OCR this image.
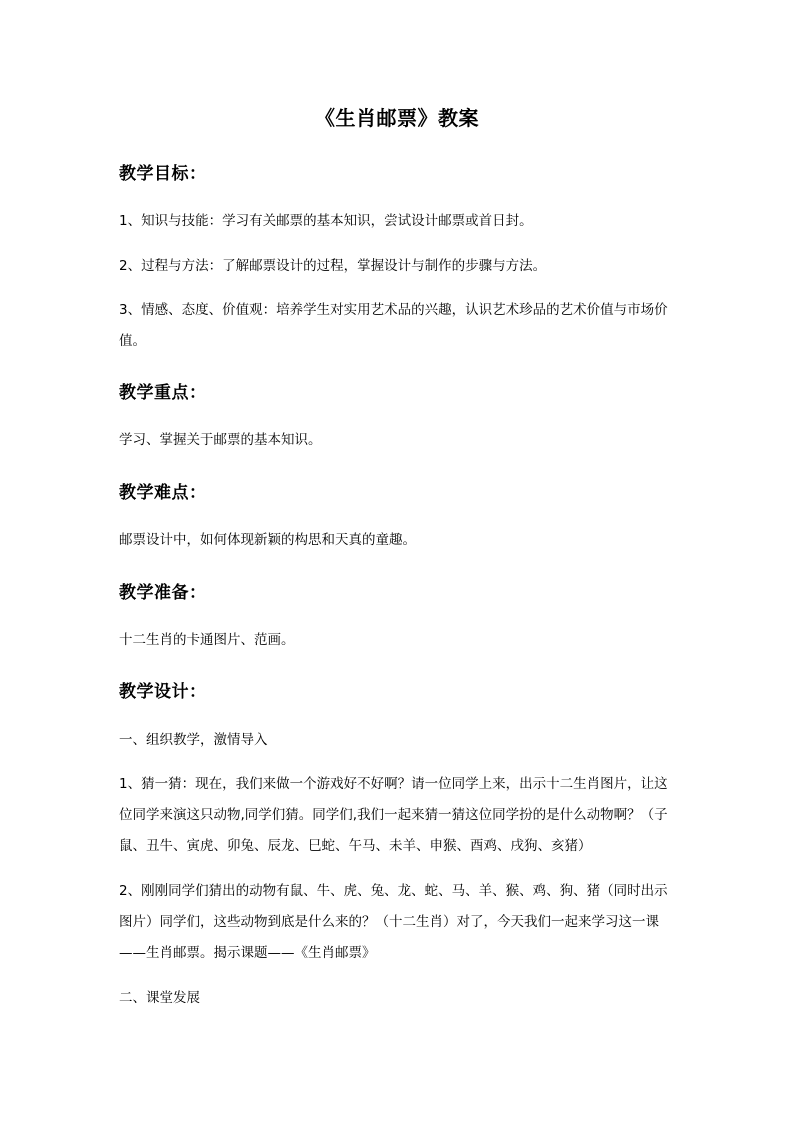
《生肖邮票》教案
教学目标：
1、知识与技能：学习有关邮票的基本知识，尝试设计邮票或首日封。
2、过程与方法：了解邮票设计的过程，掌握设计与制作的步骤与方法。
3、情感、态度、价值观：培养学生对实用艺术品的兴趣，认识艺术珍品的艺术价值与市场价值。
教学重点：
学习、掌握关于邮票的基本知识。
教学难点：
邮票设计中，如何体现新颖的构思和天真的童趣。
教学准备：
十二生肖的卡通图片、范画。
教学设计：
一、组织教学，激情导入
1、猜一猜：现在，我们来做一个游戏好不好啊？请一位同学上来，出示十二生肖图片，让这位同学来演这只动物,同学们猜。同学们,我们一起来猜一猜这位同学扮的是什么动物啊？（子鼠、丑牛、寅虎、卯兔、辰龙、巳蛇、午马、未羊、申猴、酉鸡、戌狗、亥猪）
2、刚刚同学们猜出的动物有鼠、牛、虎、兔、龙、蛇、马、羊、猴、鸡、狗、猪（同时出示图片）同学们，这些动物到底是什么来的？（十二生肖）对了，今天我们一起来学习这一课——生肖邮票。揭示课题——《生肖邮票》
二、课堂发展
